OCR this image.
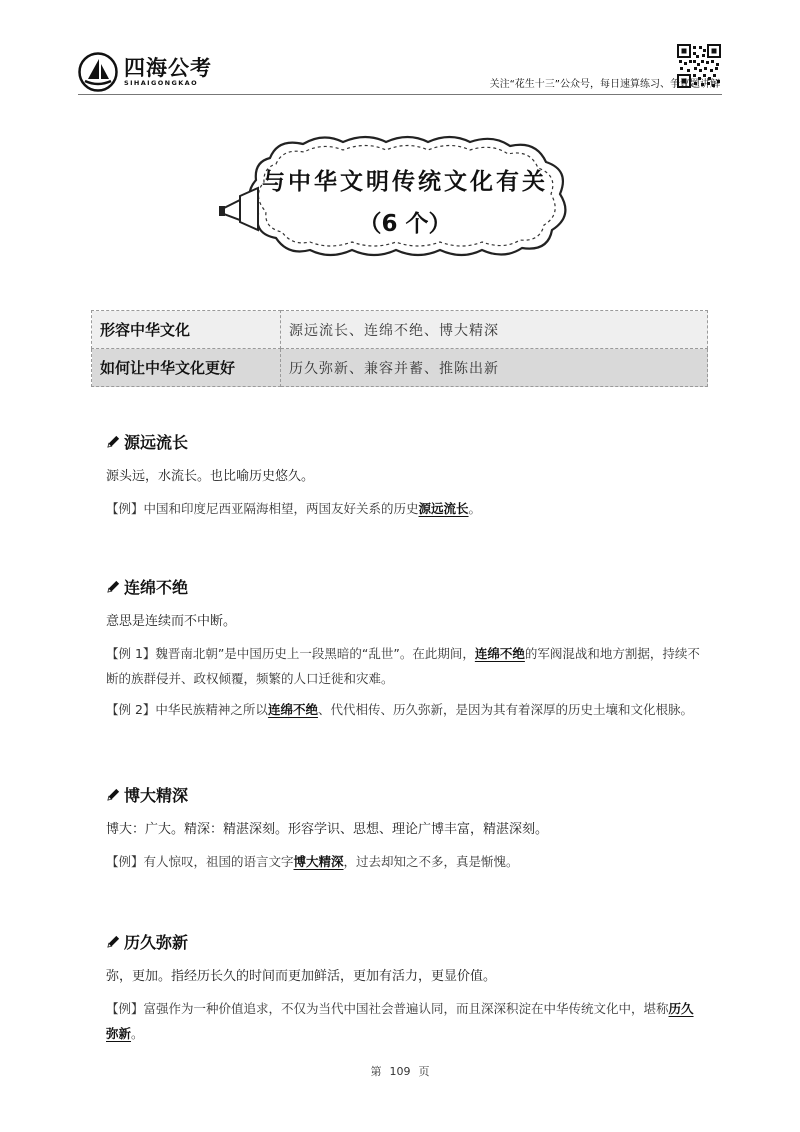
四海公考
SIHAIGONGKAO	关注“花生十三”公众号，每日速算练习、争议题讲解
与中华文明传统文化有关
（6 个）
形容中华文化	源远流长、连绵不绝、博大精深
如何让中华文化更好	历久弥新、兼容并蓄、推陈出新
源远流长
源头远，水流长。也比喻历史悠久。
【例】中国和印度尼西亚隔海相望，两国友好关系的历史源远流长。
连绵不绝
意思是连续而不中断。
【例 1】魏晋南北朝”是中国历史上一段黑暗的“乱世”。在此期间，连绵不绝的军阀混战和地方割据，持续不断的族群侵并、政权倾覆，频繁的人口迁徙和灾难。
【例 2】中华民族精神之所以连绵不绝、代代相传、历久弥新，是因为其有着深厚的历史土壤和文化根脉。
博大精深
博大：广大。精深：精湛深刻。形容学识、思想、理论广博丰富，精湛深刻。
【例】有人惊叹，祖国的语言文字博大精深，过去却知之不多，真是惭愧。
历久弥新
弥，更加。指经历长久的时间而更加鲜活，更加有活力，更显价值。
【例】富强作为一种价值追求，不仅为当代中国社会普遍认同，而且深深积淀在中华传统文化中，堪称历久弥新。
第 109 页
